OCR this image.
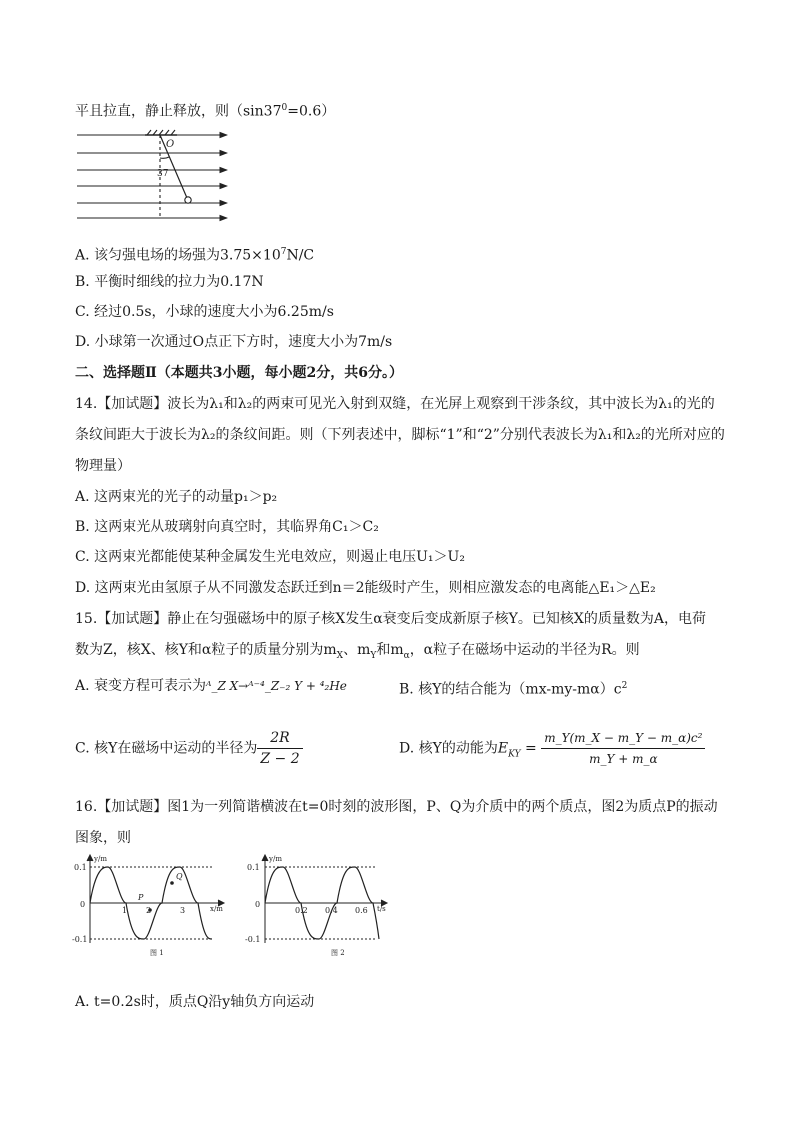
平且拉直，静止释放，则$(\sin 37^0=0.6)$
O
37
A. 该匀强电场的场强为$3.75\times 10^7N/C$
B. 平衡时细线的拉力为0.17N
C. 经过0.5s，小球的速度大小为6.25m/s
D. 小球第一次通过O点正下方时，速度大小为7m/s
二、选择题Ⅱ（本题共3小题，每小题2分，共6分。）
14.【加试题】波长为λ₁和λ₂的两束可见光入射到双缝，在光屏上观察到干涉条纹，其中波长为λ₁的光的
条纹间距大于波长为λ₂的条纹间距。则（下列表述中，脚标“1”和“2”分别代表波长为λ₁和λ₂的光所对应的
物理量）
A. 这两束光的光子的动量p₁＞p₂
B. 这两束光从玻璃射向真空时，其临界角C₁＞C₂
C. 这两束光都能使某种金属发生光电效应，则遏止电压U₁＞U₂
D. 这两束光由氢原子从不同激发态跃迁到n＝2能级时产生，则相应激发态的电离能△E₁＞△E₂
15.【加试题】静止在匀强磁场中的原子核X发生α衰变后变成新原子核Y。已知核X的质量数为A，电荷
数为Z，核X、核Y和α粒子的质量分别为$m_X$、$m_Y$和$m_\alpha$，α粒子在磁场中运动的半径为R。则
A. 衰变方程可表示为ᴬ_Z X→ᴬ⁻⁴_Z₋₂ Y + ⁴₂He	B. 核Y的结合能为$(mx-my-m\alpha)c^2$
C. 核Y在磁场中运动的半径为 $\frac{2R}{Z - 2}$	D. 核Y的动能为$E_{KY} = \frac{\text{m\_Y(m\_X − m\_Y − m\_α)c²}}{m\_Y + m\_\alpha}$
16.【加试题】图1为一列简谐横波在t=0时刻的波形图，P、Q为介质中的两个质点，图2为质点P的振动
图象，则
y/m
x/m
0.1
0
-0.1
1 2	3
P
Q
图 1
y/m
t/s
0.1
0
-0.1
0.2 0.4 0.6
图 2
A. t=0.2s时，质点Q沿y轴负方向运动
